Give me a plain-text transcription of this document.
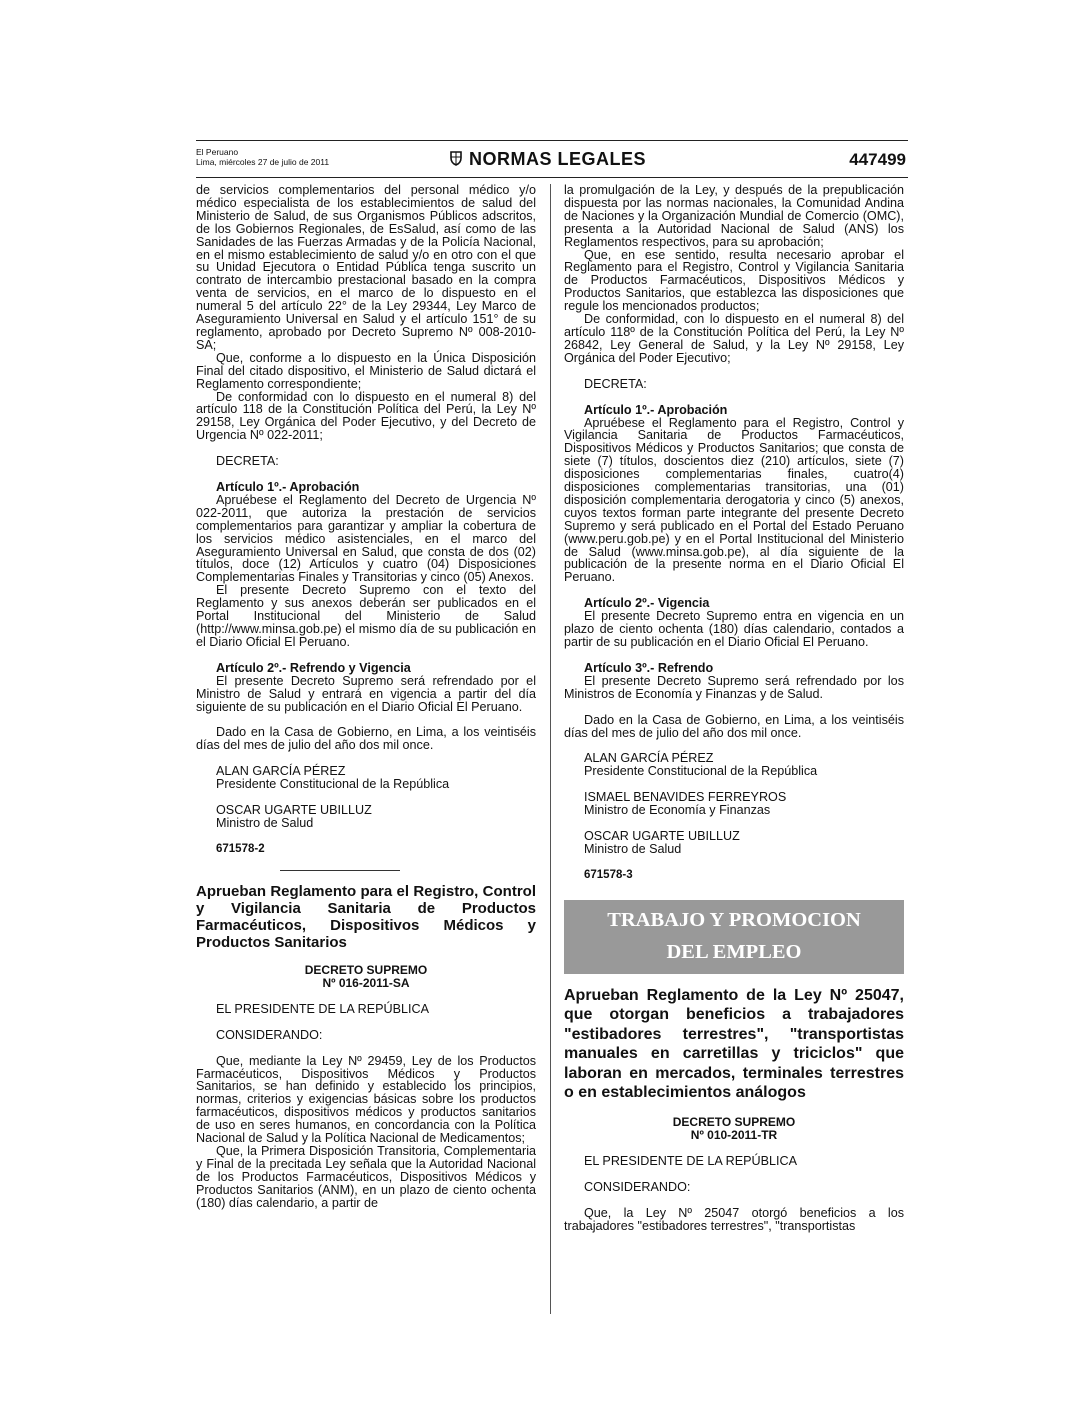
El Peruano
Lima, miércoles 27 de julio de 2011	NORMAS LEGALES	447499

de servicios complementarios del personal médico y/o médico especialista de los establecimientos de salud del Ministerio de Salud, de sus Organismos Públicos adscritos, de los Gobiernos Regionales, de EsSalud, así como de las Sanidades de las Fuerzas Armadas y de la Policía Nacional, en el mismo establecimiento de salud y/o en otro con el que su Unidad Ejecutora o Entidad Pública tenga suscrito un contrato de intercambio prestacional basado en la compra venta de servicios, en el marco de lo dispuesto en el numeral 5 del artículo 22° de la Ley 29344, Ley Marco de Aseguramiento Universal en Salud y el artículo 151° de su reglamento, aprobado por Decreto Supremo Nº 008-2010-SA;

Que, conforme a lo dispuesto en la Única Disposición Final del citado dispositivo, el Ministerio de Salud dictará el Reglamento correspondiente;

De conformidad con lo dispuesto en el numeral 8) del artículo 118 de la Constitución Política del Perú, la Ley Nº 29158, Ley Orgánica del Poder Ejecutivo, y del Decreto de Urgencia Nº 022-2011;

DECRETA:

Artículo 1º.- Aprobación

Apruébese el Reglamento del Decreto de Urgencia Nº 022-2011, que autoriza la prestación de servicios complementarios para garantizar y ampliar la cobertura de los servicios médico asistenciales, en el marco del Aseguramiento Universal en Salud, que consta de dos (02) títulos, doce (12) Artículos y cuatro (04) Disposiciones Complementarias Finales y Transitorias y cinco (05) Anexos.

El presente Decreto Supremo con el texto del Reglamento y sus anexos deberán ser publicados en el Portal Institucional del Ministerio de Salud (http://www.minsa.gob.pe) el mismo día de su publicación en el Diario Oficial El Peruano.

Artículo 2º.- Refrendo y Vigencia

El presente Decreto Supremo será refrendado por el Ministro de Salud y entrará en vigencia a partir del día siguiente de su publicación en el Diario Oficial El Peruano.

Dado en la Casa de Gobierno, en Lima, a los veintiséis días del mes de julio del año dos mil once.

ALAN GARCÍA PÉREZ

Presidente Constitucional de la República

OSCAR UGARTE UBILLUZ

Ministro de Salud

671578-2

Aprueban Reglamento para el Registro, Control y Vigilancia Sanitaria de Productos Farmacéuticos, Dispositivos Médicos y Productos Sanitarios

DECRETO SUPREMO

Nº 016-2011-SA

EL PRESIDENTE DE LA REPÚBLICA

CONSIDERANDO:

Que, mediante la Ley Nº 29459, Ley de los Productos Farmacéuticos, Dispositivos Médicos y Productos Sanitarios, se han definido y establecido los principios, normas, criterios y exigencias básicas sobre los productos farmacéuticos, dispositivos médicos y productos sanitarios de uso en seres humanos, en concordancia con la Política Nacional de Salud y la Política Nacional de Medicamentos;

Que, la Primera Disposición Transitoria, Complementaria y Final de la precitada Ley señala que la Autoridad Nacional de los Productos Farmacéuticos, Dispositivos Médicos y Productos Sanitarios (ANM), en un plazo de ciento ochenta (180) días calendario, a partir de

la promulgación de la Ley, y después de la prepublicación dispuesta por las normas nacionales, la Comunidad Andina de Naciones y la Organización Mundial de Comercio (OMC), presenta a la Autoridad Nacional de Salud (ANS) los Reglamentos respectivos, para su aprobación;

Que, en ese sentido, resulta necesario aprobar el Reglamento para el Registro, Control y Vigilancia Sanitaria de Productos Farmacéuticos, Dispositivos Médicos y Productos Sanitarios, que establezca las disposiciones que regule los mencionados productos;

De conformidad, con lo dispuesto en el numeral 8) del artículo 118º de la Constitución Política del Perú, la Ley Nº 26842, Ley General de Salud, y la Ley Nº 29158, Ley Orgánica del Poder Ejecutivo;

DECRETA:

Artículo 1º.- Aprobación

Apruébese el Reglamento para el Registro, Control y Vigilancia Sanitaria de Productos Farmacéuticos, Dispositivos Médicos y Productos Sanitarios; que consta de siete (7) títulos, doscientos diez (210) artículos, siete (7) disposiciones complementarias finales, cuatro(4) disposiciones complementarias transitorias, una (01) disposición complementaria derogatoria y cinco (5) anexos, cuyos textos forman parte integrante del presente Decreto Supremo y será publicado en el Portal del Estado Peruano (www.peru.gob.pe) y en el Portal Institucional del Ministerio de Salud (www.minsa.gob.pe), al día siguiente de la publicación de la presente norma en el Diario Oficial El Peruano.

Artículo 2º.- Vigencia

El presente Decreto Supremo entra en vigencia en un plazo de ciento ochenta (180) días calendario, contados a partir de su publicación en el Diario Oficial El Peruano.

Artículo 3º.- Refrendo

El presente Decreto Supremo será refrendado por los Ministros de Economía y Finanzas y de Salud.

Dado en la Casa de Gobierno, en Lima, a los veintiséis días del mes de julio del año dos mil once.

ALAN GARCÍA PÉREZ

Presidente Constitucional de la República

ISMAEL BENAVIDES FERREYROS

Ministro de Economía y Finanzas

OSCAR UGARTE UBILLUZ

Ministro de Salud

671578-3

TRABAJO Y PROMOCION
DEL EMPLEO

Aprueban Reglamento de la Ley Nº 25047, que otorgan beneficios a trabajadores "estibadores terrestres", "transportistas manuales en carretillas y triciclos" que laboran en mercados, terminales terrestres o en establecimientos análogos

DECRETO SUPREMO

Nº 010-2011-TR

EL PRESIDENTE DE LA REPÚBLICA

CONSIDERANDO:

Que, la Ley Nº 25047 otorgó beneficios a los trabajadores "estibadores terrestres", "transportistas
